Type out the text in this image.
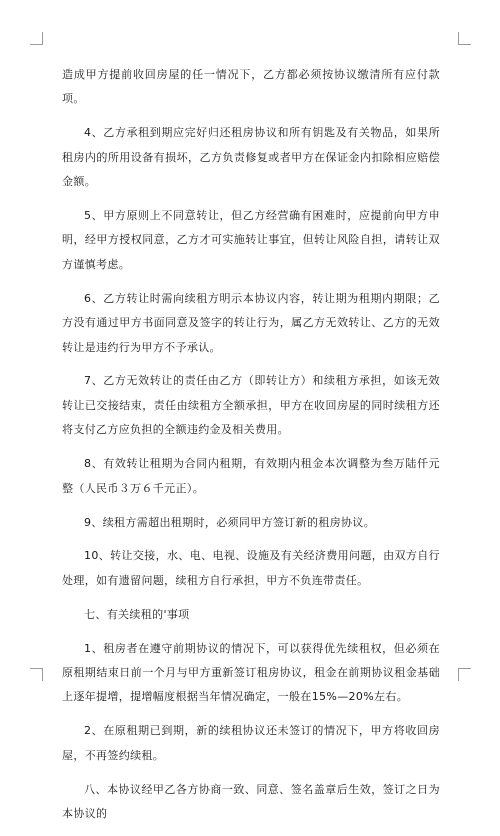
造成甲方提前收回房屋的任一情况下，乙方都必须按协议缴清所有应付款项。

4、乙方承租到期应完好归还租房协议和所有钥匙及有关物品，如果所租房内的所用设备有损坏，乙方负责修复或者甲方在保证金内扣除相应赔偿金额。

5、甲方原则上不同意转让，但乙方经营确有困难时，应提前向甲方申明，经甲方授权同意，乙方才可实施转让事宜，但转让风险自担，请转让双方谨慎考虑。

6、乙方转让时需向续租方明示本协议内容，转让期为租期内期限；乙方没有通过甲方书面同意及签字的转让行为，属乙方无效转让、乙方的无效转让是违约行为甲方不予承认。

7、乙方无效转让的责任由乙方（即转让方）和续租方承担，如该无效转让已交接结束，责任由续租方全额承担，甲方在收回房屋的同时续租方还将支付乙方应负担的全额违约金及相关费用。

8、有效转让租期为合同内租期，有效期内租金本次调整为叁万陆仟元整（人民币３万６千元正）。

9、续租方需超出租期时，必须同甲方签订新的租房协议。

10、转让交接，水、电、电视、设施及有关经济费用问题，由双方自行处理，如有遗留问题，续租方自行承担，甲方不负连带责任。

七、有关续租的'事项

1、租房者在遵守前期协议的情况下，可以获得优先续租权，但必须在原租期结束日前一个月与甲方重新签订租房协议，租金在前期协议租金基础上逐年提增，提增幅度根据当年情况确定，一般在15%—20%左右。

2、在原租期已到期，新的续租协议还未签订的情况下，甲方将收回房屋，不再签约续租。

八、本协议经甲乙各方协商一致、同意、签名盖章后生效，签订之日为本协议的
